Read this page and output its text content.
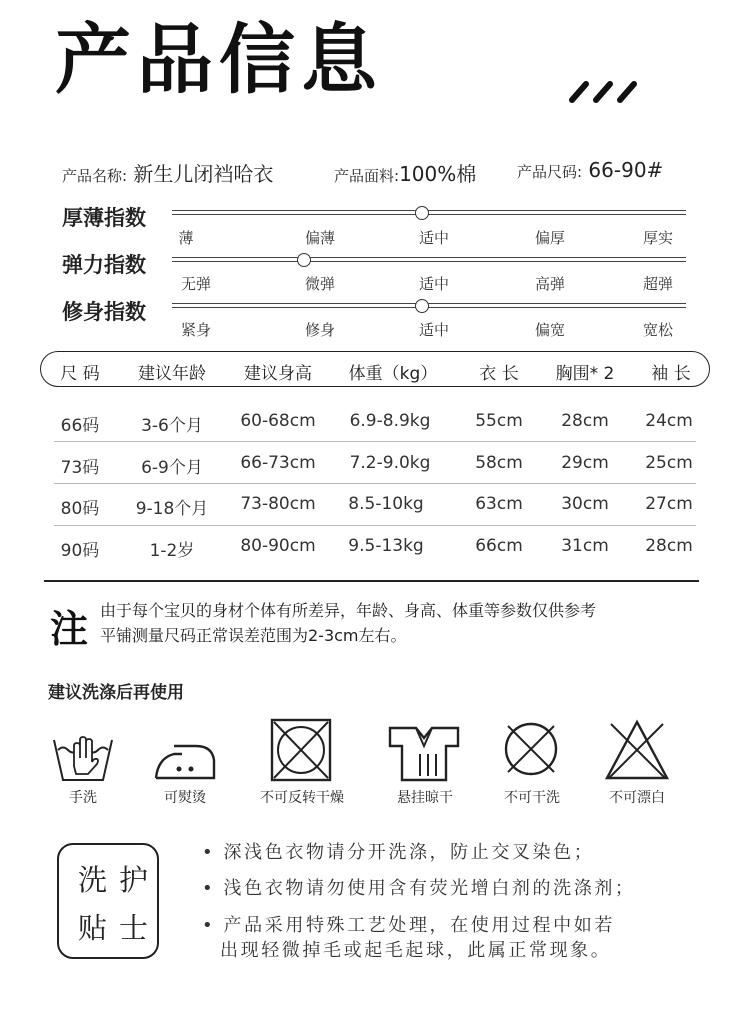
产品信息
产品名称: 新生儿闭裆哈衣	产品面料:100%棉	产品尺码: 66-90#
厚薄指数
薄	偏薄	适中	偏厚	厚实
弹力指数
无弹	微弹	适中	高弹	超弹
修身指数
紧身	修身	适中	偏宽	宽松
尺 码 建议年龄 建议身高 体重（kg） 衣 长 胸围* 2 袖 长
66码 3-6个月 60-68cm 6.9-8.9kg	55cm 28cm 24cm
73码 6-9个月 66-73cm 7.2-9.0kg	58cm 29cm 25cm
80码 9-18个月 73-80cm 8.5-10kg	63cm 30cm 27cm
90码	1-2岁	80-90cm 9.5-13kg	66cm 31cm 28cm
注 由于每个宝贝的身材个体有所差异，年龄、身高、体重等参数仅供参考
平铺测量尺码正常误差范围为2-3cm左右。
建议洗涤后再使用
手洗	可熨烫	不可反转干燥	悬挂晾干	不可干洗	不可漂白
洗护
贴士
• 深浅色衣物请分开洗涤，防止交叉染色；
• 浅色衣物请勿使用含有荧光增白剂的洗涤剂；
• 产品采用特殊工艺处理，在使用过程中如若
出现轻微掉毛或起毛起球，此属正常现象。
